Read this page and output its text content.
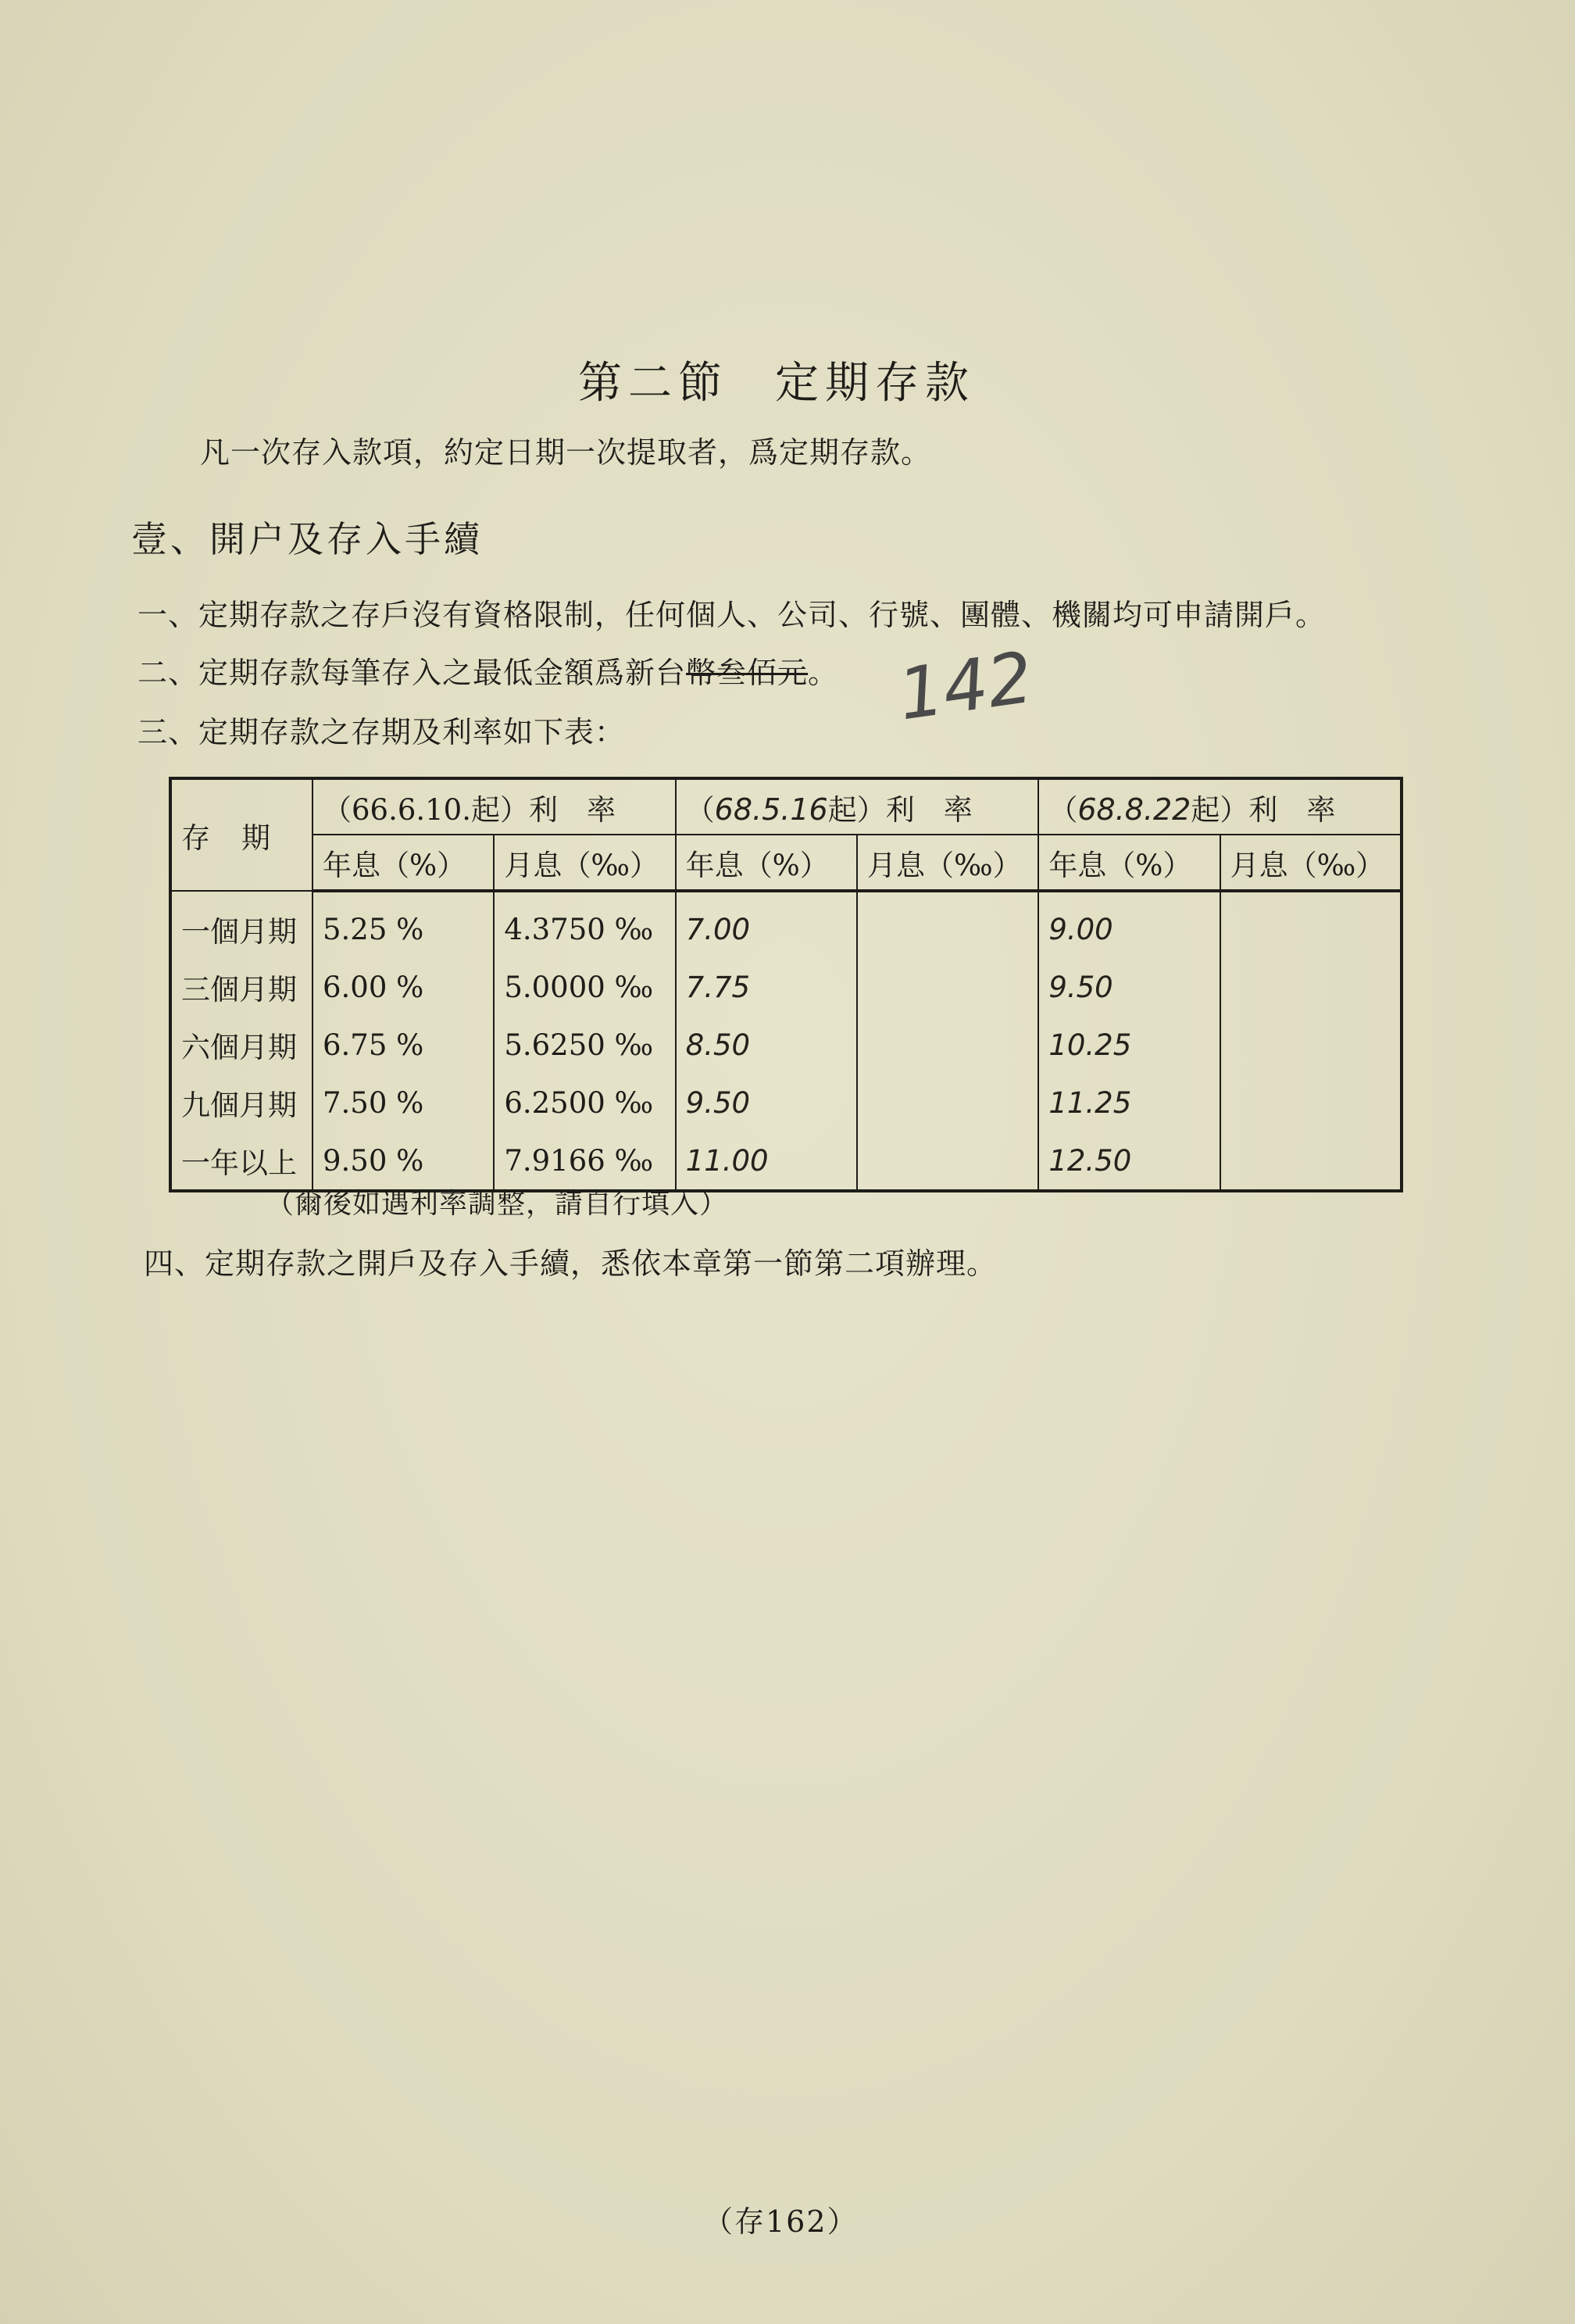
第二節 定期存款
凡一次存入款項，約定日期一次提取者，爲定期存款。
壹、開户及存入手續
一、定期存款之存戶沒有資格限制，任何個人、公司、行號、團體、機關均可申請開戶。
二、定期存款每筆存入之最低金額爲新台幣叁佰元。 142
三、定期存款之存期及利率如下表：
存期	（66.6.10.起）利　率		（68.5.16起）利　率		（68.8.22起）利　率	
	年息（%）	月息（‰）	年息（%）	月息（‰）	年息（%）	月息（‰）
一個月期	5.25 %	4.3750 ‰	7.00		9.00	
三個月期	6.00 %	5.0000 ‰	7.75		9.50	
六個月期	6.75 %	5.6250 ‰	8.50		10.25	
九個月期	7.50 %	6.2500 ‰	9.50		11.25	
一年以上	9.50 %	7.9166 ‰	11.00		12.50	
（爾後如遇利率調整，請自行填入）
四、定期存款之開戶及存入手續，悉依本章第一節第二項辦理。
（存162）
